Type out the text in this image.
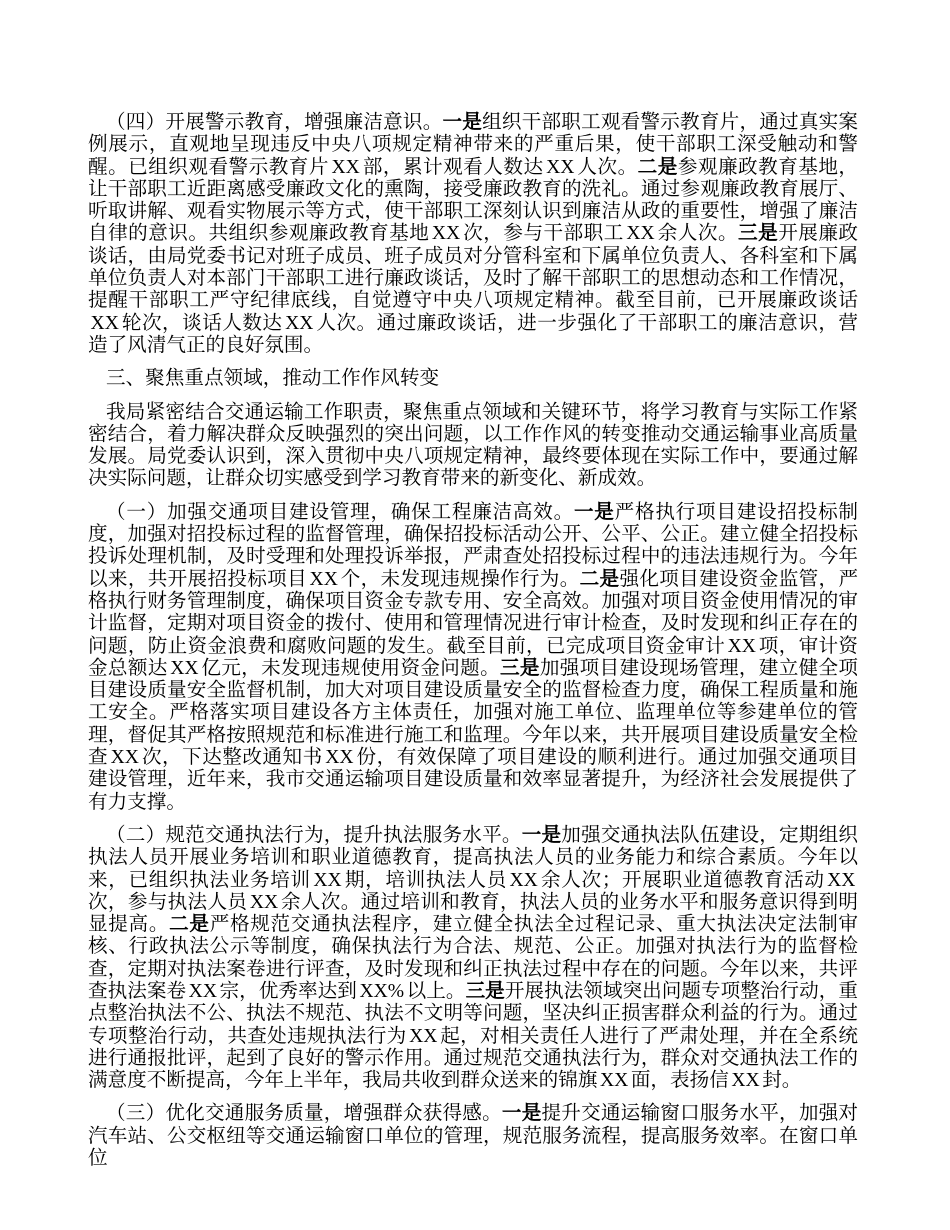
（四）开展警示教育，增强廉洁意识。一是组织干部职工观看警示教育片，通过真实案例展示，直观地呈现违反中央八项规定精神带来的严重后果，使干部职工深受触动和警醒。已组织观看警示教育片 XX 部，累计观看人数达 XX 人次。二是参观廉政教育基地，让干部职工近距离感受廉政文化的熏陶，接受廉政教育的洗礼。通过参观廉政教育展厅、听取讲解、观看实物展示等方式，使干部职工深刻认识到廉洁从政的重要性，增强了廉洁自律的意识。共组织参观廉政教育基地 XX 次，参与干部职工 XX 余人次。三是开展廉政谈话，由局党委书记对班子成员、班子成员对分管科室和下属单位负责人、各科室和下属单位负责人对本部门干部职工进行廉政谈话，及时了解干部职工的思想动态和工作情况，提醒干部职工严守纪律底线，自觉遵守中央八项规定精神。截至目前，已开展廉政谈话XX 轮次，谈话人数达 XX 人次。通过廉政谈话，进一步强化了干部职工的廉洁意识，营造了风清气正的良好氛围。

三、聚焦重点领域，推动工作作风转变

我局紧密结合交通运输工作职责，聚焦重点领域和关键环节，将学习教育与实际工作紧密结合，着力解决群众反映强烈的突出问题，以工作作风的转变推动交通运输事业高质量发展。局党委认识到，深入贯彻中央八项规定精神，最终要体现在实际工作中，要通过解决实际问题，让群众切实感受到学习教育带来的新变化、新成效。

（一）加强交通项目建设管理，确保工程廉洁高效。一是严格执行项目建设招投标制度，加强对招投标过程的监督管理，确保招投标活动公开、公平、公正。建立健全招投标投诉处理机制，及时受理和处理投诉举报，严肃查处招投标过程中的违法违规行为。今年以来，共开展招投标项目 XX 个，未发现违规操作行为。二是强化项目建设资金监管，严格执行财务管理制度，确保项目资金专款专用、安全高效。加强对项目资金使用情况的审计监督，定期对项目资金的拨付、使用和管理情况进行审计检查，及时发现和纠正存在的问题，防止资金浪费和腐败问题的发生。截至目前，已完成项目资金审计 XX 项，审计资金总额达 XX 亿元，未发现违规使用资金问题。三是加强项目建设现场管理，建立健全项目建设质量安全监督机制，加大对项目建设质量安全的监督检查力度，确保工程质量和施工安全。严格落实项目建设各方主体责任，加强对施工单位、监理单位等参建单位的管理，督促其严格按照规范和标准进行施工和监理。今年以来，共开展项目建设质量安全检查 XX 次，下达整改通知书 XX 份，有效保障了项目建设的顺利进行。通过加强交通项目建设管理，近年来，我市交通运输项目建设质量和效率显著提升，为经济社会发展提供了有力支撑。

（二）规范交通执法行为，提升执法服务水平。一是加强交通执法队伍建设，定期组织执法人员开展业务培训和职业道德教育，提高执法人员的业务能力和综合素质。今年以来，已组织执法业务培训 XX 期，培训执法人员 XX 余人次；开展职业道德教育活动 XX次，参与执法人员 XX 余人次。通过培训和教育，执法人员的业务水平和服务意识得到明显提高。二是严格规范交通执法程序，建立健全执法全过程记录、重大执法决定法制审核、行政执法公示等制度，确保执法行为合法、规范、公正。加强对执法行为的监督检查，定期对执法案卷进行评查，及时发现和纠正执法过程中存在的问题。今年以来，共评查执法案卷 XX 宗，优秀率达到 XX% 以上。三是开展执法领域突出问题专项整治行动，重点整治执法不公、执法不规范、执法不文明等问题，坚决纠正损害群众利益的行为。通过专项整治行动，共查处违规执法行为 XX 起，对相关责任人进行了严肃处理，并在全系统进行通报批评，起到了良好的警示作用。通过规范交通执法行为，群众对交通执法工作的满意度不断提高，今年上半年，我局共收到群众送来的锦旗 XX 面，表扬信 XX 封。

（三）优化交通服务质量，增强群众获得感。一是提升交通运输窗口服务水平，加强对汽车站、公交枢纽等交通运输窗口单位的管理，规范服务流程，提高服务效率。在窗口单位
